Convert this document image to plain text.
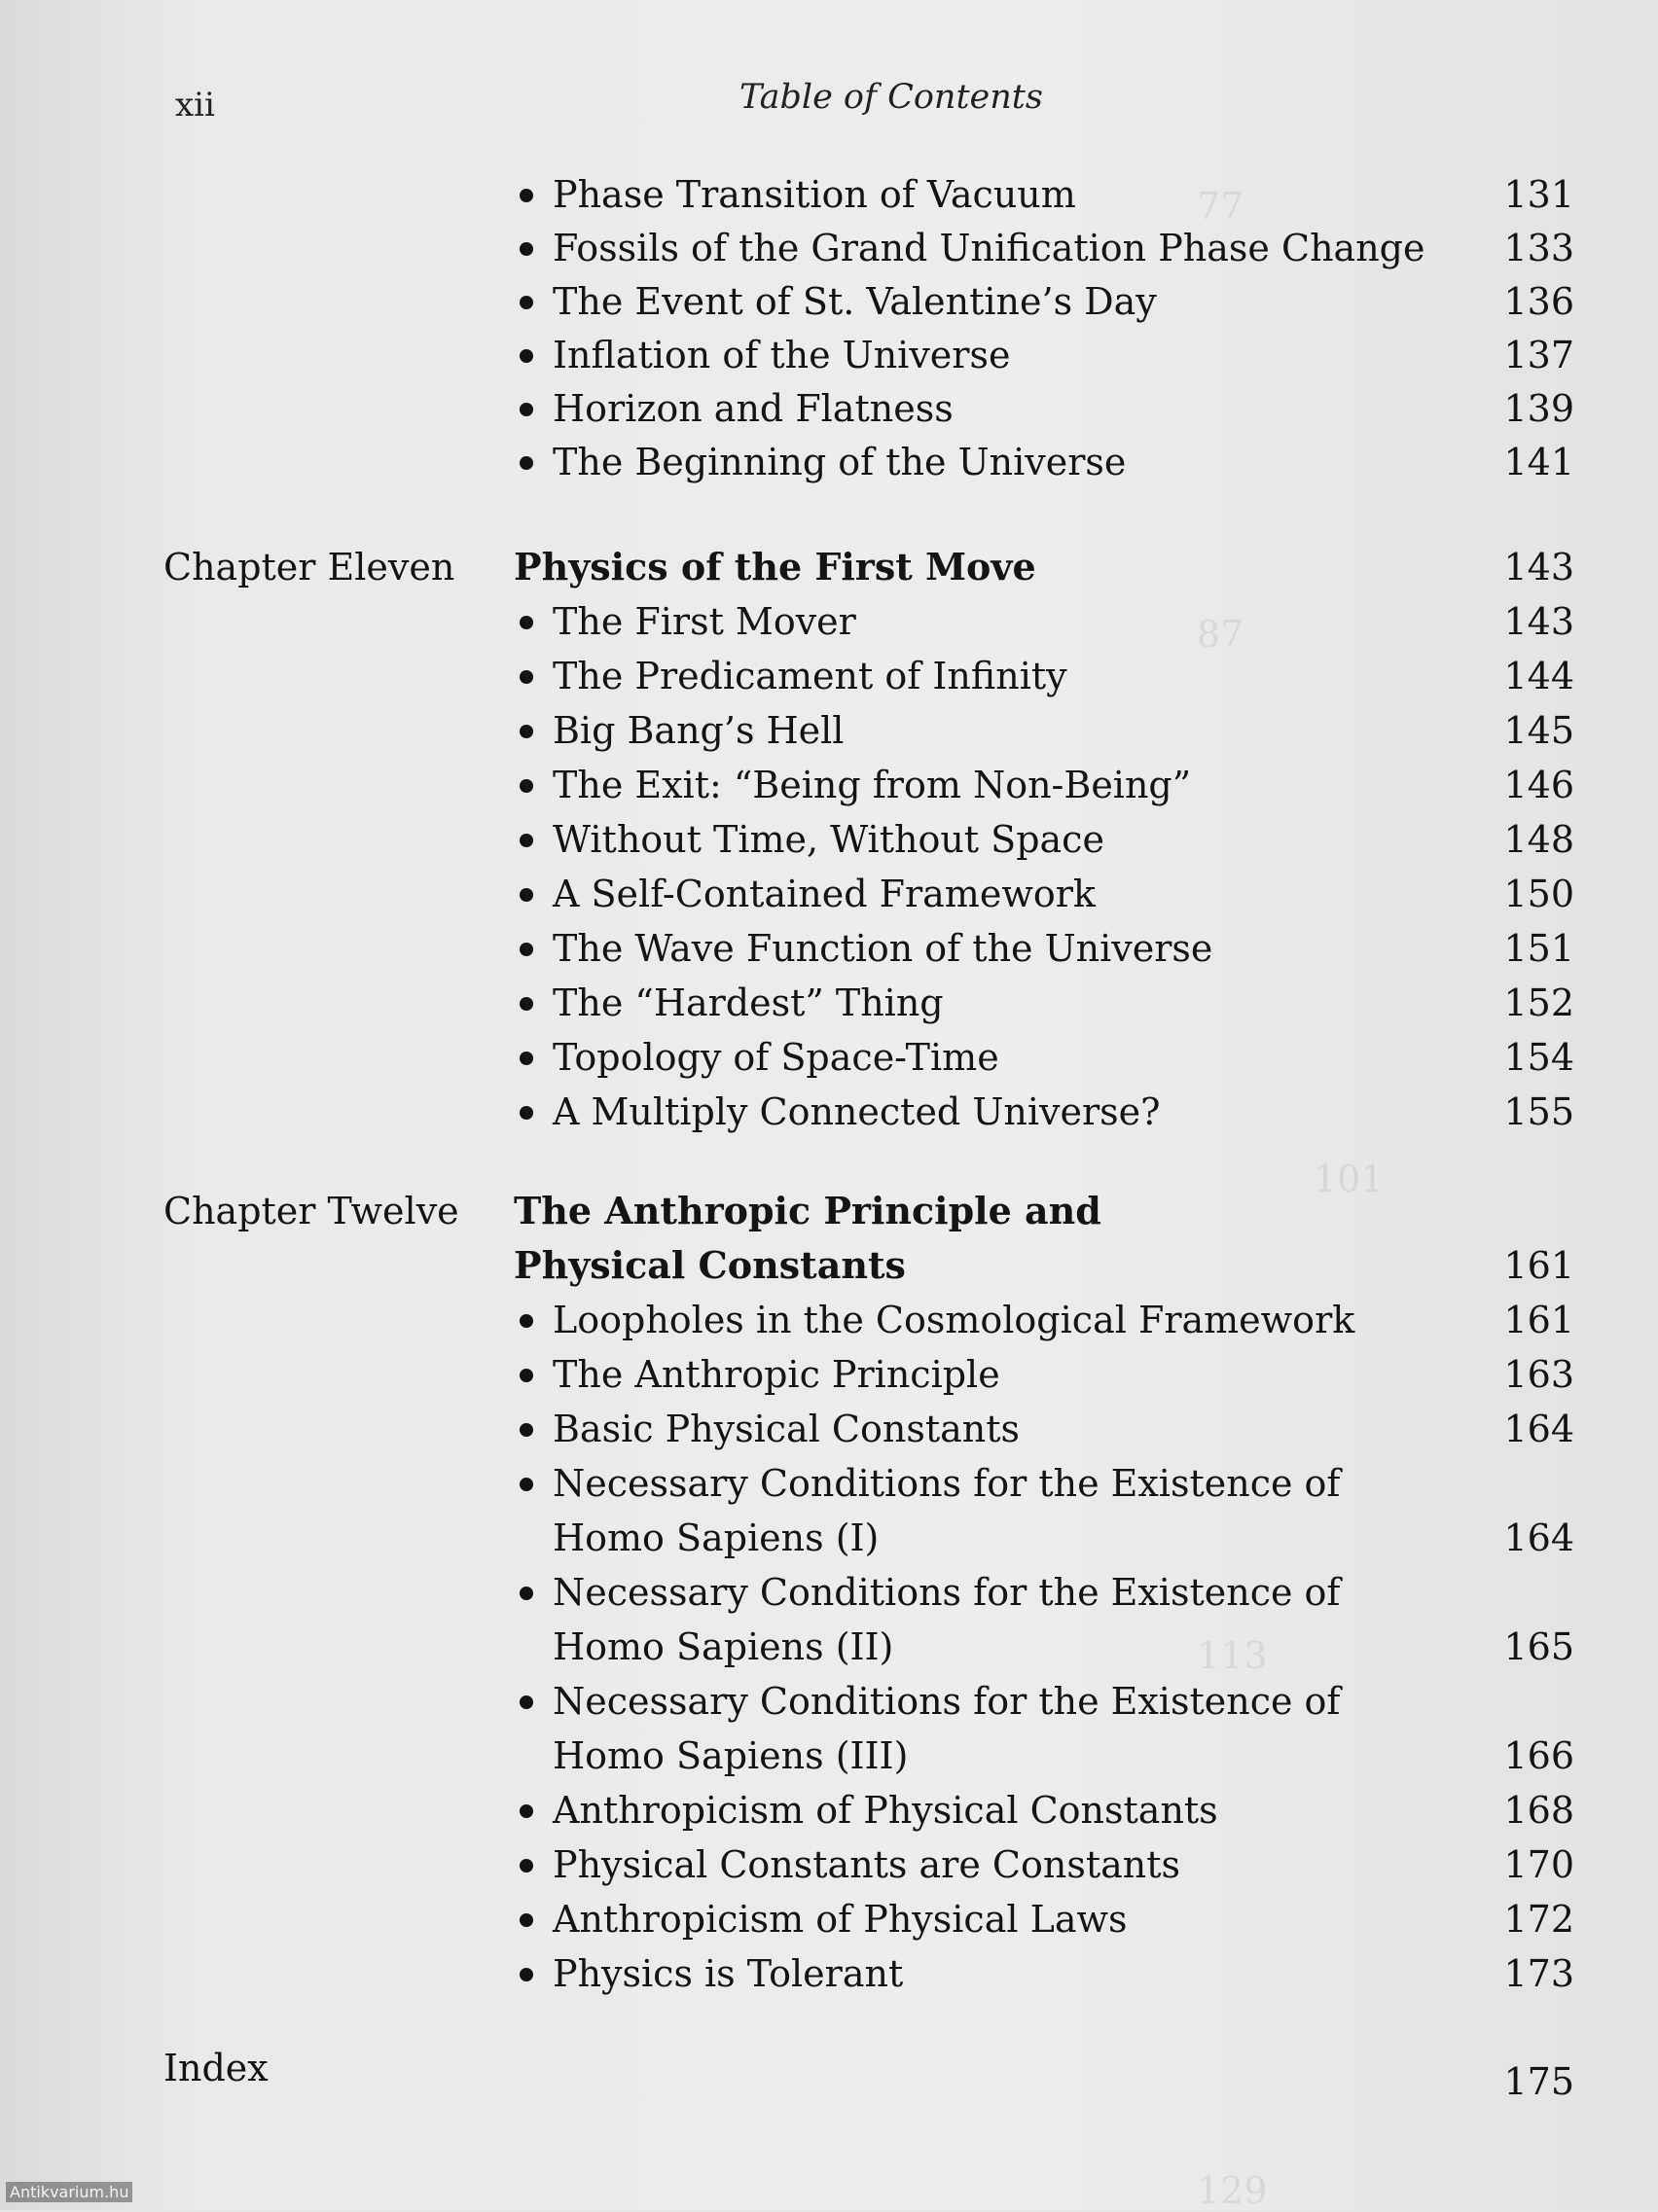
77
87
101
113
129
xii	Table of Contents
Phase Transition of Vacuum	131
Fossils of the Grand Unification Phase Change 133
The Event of St. Valentine’s Day	136
Inflation of the Universe	137
Horizon and Flatness	139
The Beginning of the Universe	141
Chapter Eleven Physics of the First Move	143
The First Mover	143
The Predicament of Infinity	144
Big Bang’s Hell	145
The Exit: “Being from Non-Being”	146
Without Time, Without Space	148
A Self-Contained Framework	150
The Wave Function of the Universe	151
The “Hardest” Thing	152
Topology of Space-Time	154
A Multiply Connected Universe?	155
Chapter Twelve The Anthropic Principle and
Physical Constants	161
Loopholes in the Cosmological Framework	161
The Anthropic Principle	163
Basic Physical Constants	164
Necessary Conditions for the Existence of
Homo Sapiens (I)	164
Necessary Conditions for the Existence of
Homo Sapiens (II)	165
Necessary Conditions for the Existence of
Homo Sapiens (III)	166
Anthropicism of Physical Constants	168
Physical Constants are Constants	170
Anthropicism of Physical Laws	172
Physics is Tolerant	173
Index	175
Antikvarium.hu
